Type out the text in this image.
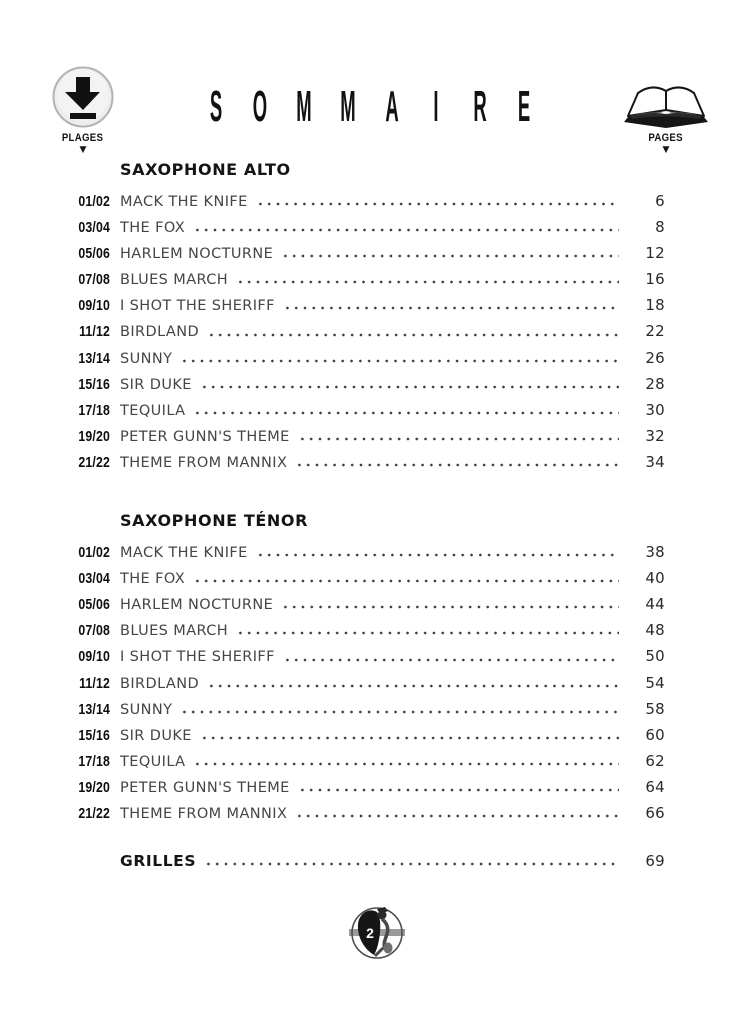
PLAGES
▼
S O M M A I R E
PAGES
▼
SAXOPHONE ALTO
01/02 MACK THE KNIFE	6
03/04 THE FOX	8
05/06 HARLEM NOCTURNE	12
07/08 BLUES MARCH	16
09/10 I SHOT THE SHERIFF	18
11/12 BIRDLAND	22
13/14 SUNNY	26
15/16 SIR DUKE	28
17/18 TEQUILA	30
19/20 PETER GUNN'S THEME	32
21/22 THEME FROM MANNIX	34
SAXOPHONE TÉNOR
01/02 MACK THE KNIFE	38
03/04 THE FOX	40
05/06 HARLEM NOCTURNE	44
07/08 BLUES MARCH	48
09/10 I SHOT THE SHERIFF	50
11/12 BIRDLAND	54
13/14 SUNNY	58
15/16 SIR DUKE	60
17/18 TEQUILA	62
19/20 PETER GUNN'S THEME	64
21/22 THEME FROM MANNIX	66
GRILLES	69
2
